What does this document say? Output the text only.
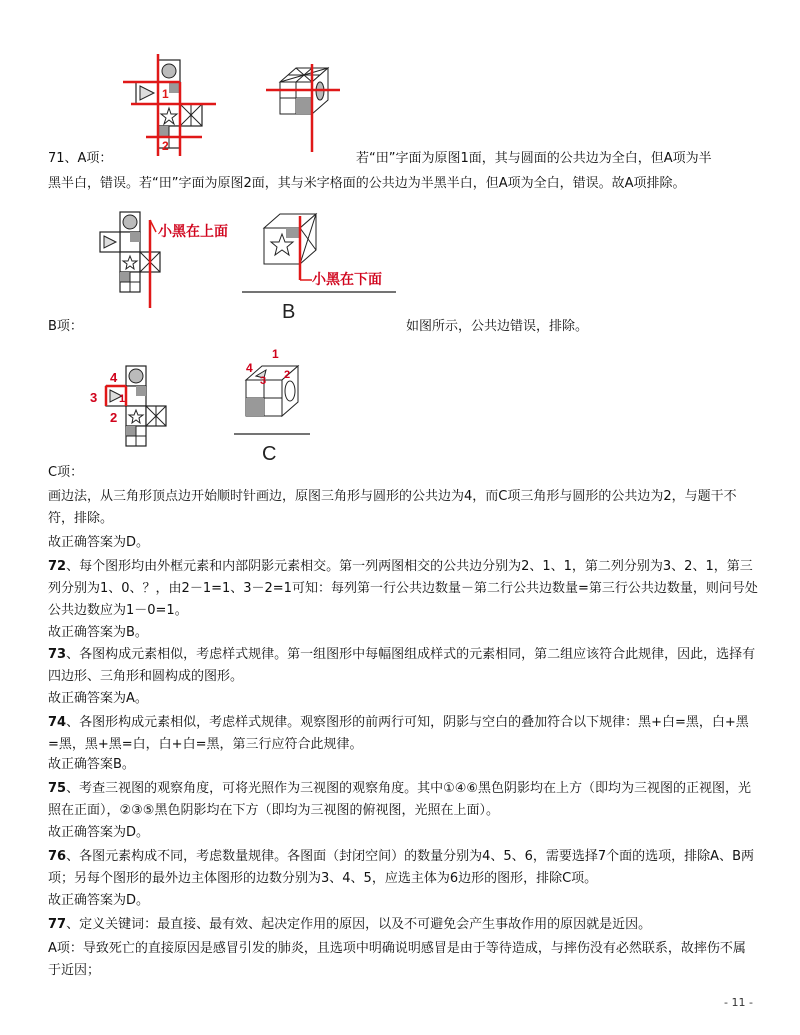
1
2
71、A项：	若“田”字面为原图1面，其与圆面的公共边为全白，但A项为半
黑半白，错误。若“田”字面为原图2面，其与米字格面的公共边为半黑半白，但A项为全白，错误。故A项排除。
小黑在上面
小黑在下面
B
B项：	如图所示，公共边错误，排除。
4
3 1
2
1
4
3 2
C
C项：
画边法，从三角形顶点边开始顺时针画边，原图三角形与圆形的公共边为4，而C项三角形与圆形的公共边为2，与题干不符，排除。
故正确答案为D。
72、每个图形均由外框元素和内部阴影元素相交。第一列两图相交的公共边分别为2、1、1，第二列分别为3、2、1，第三列分别为1、0、？，由2－1=1、3－2=1可知：每列第一行公共边数量－第二行公共边数量=第三行公共边数量，则问号处公共边数应为1－0=1。
故正确答案为B。
73、各图构成元素相似，考虑样式规律。第一组图形中每幅图组成样式的元素相同，第二组应该符合此规律，因此，选择有四边形、三角形和圆构成的图形。
故正确答案为A。
74、各图形构成元素相似，考虑样式规律。观察图形的前两行可知，阴影与空白的叠加符合以下规律：黑+白=黑，白+黑=黑，黑+黑=白，白+白=黑，第三行应符合此规律。
故正确答案B。
75、考查三视图的观察角度，可将光照作为三视图的观察角度。其中①④⑥黑色阴影均在上方（即均为三视图的正视图，光照在正面），②③⑤黑色阴影均在下方（即均为三视图的俯视图，光照在上面）。
故正确答案为D。
76、各图元素构成不同，考虑数量规律。各图面（封闭空间）的数量分别为4、5、6，需要选择7个面的选项，排除A、B两项；另每个图形的最外边主体图形的边数分别为3、4、5，应选主体为6边形的图形，排除C项。
故正确答案为D。
77、定义关键词：最直接、最有效、起决定作用的原因，以及不可避免会产生事故作用的原因就是近因。
A项：导致死亡的直接原因是感冒引发的肺炎，且选项中明确说明感冒是由于等待造成，与摔伤没有必然联系，故摔伤不属于近因；
- 11 -
